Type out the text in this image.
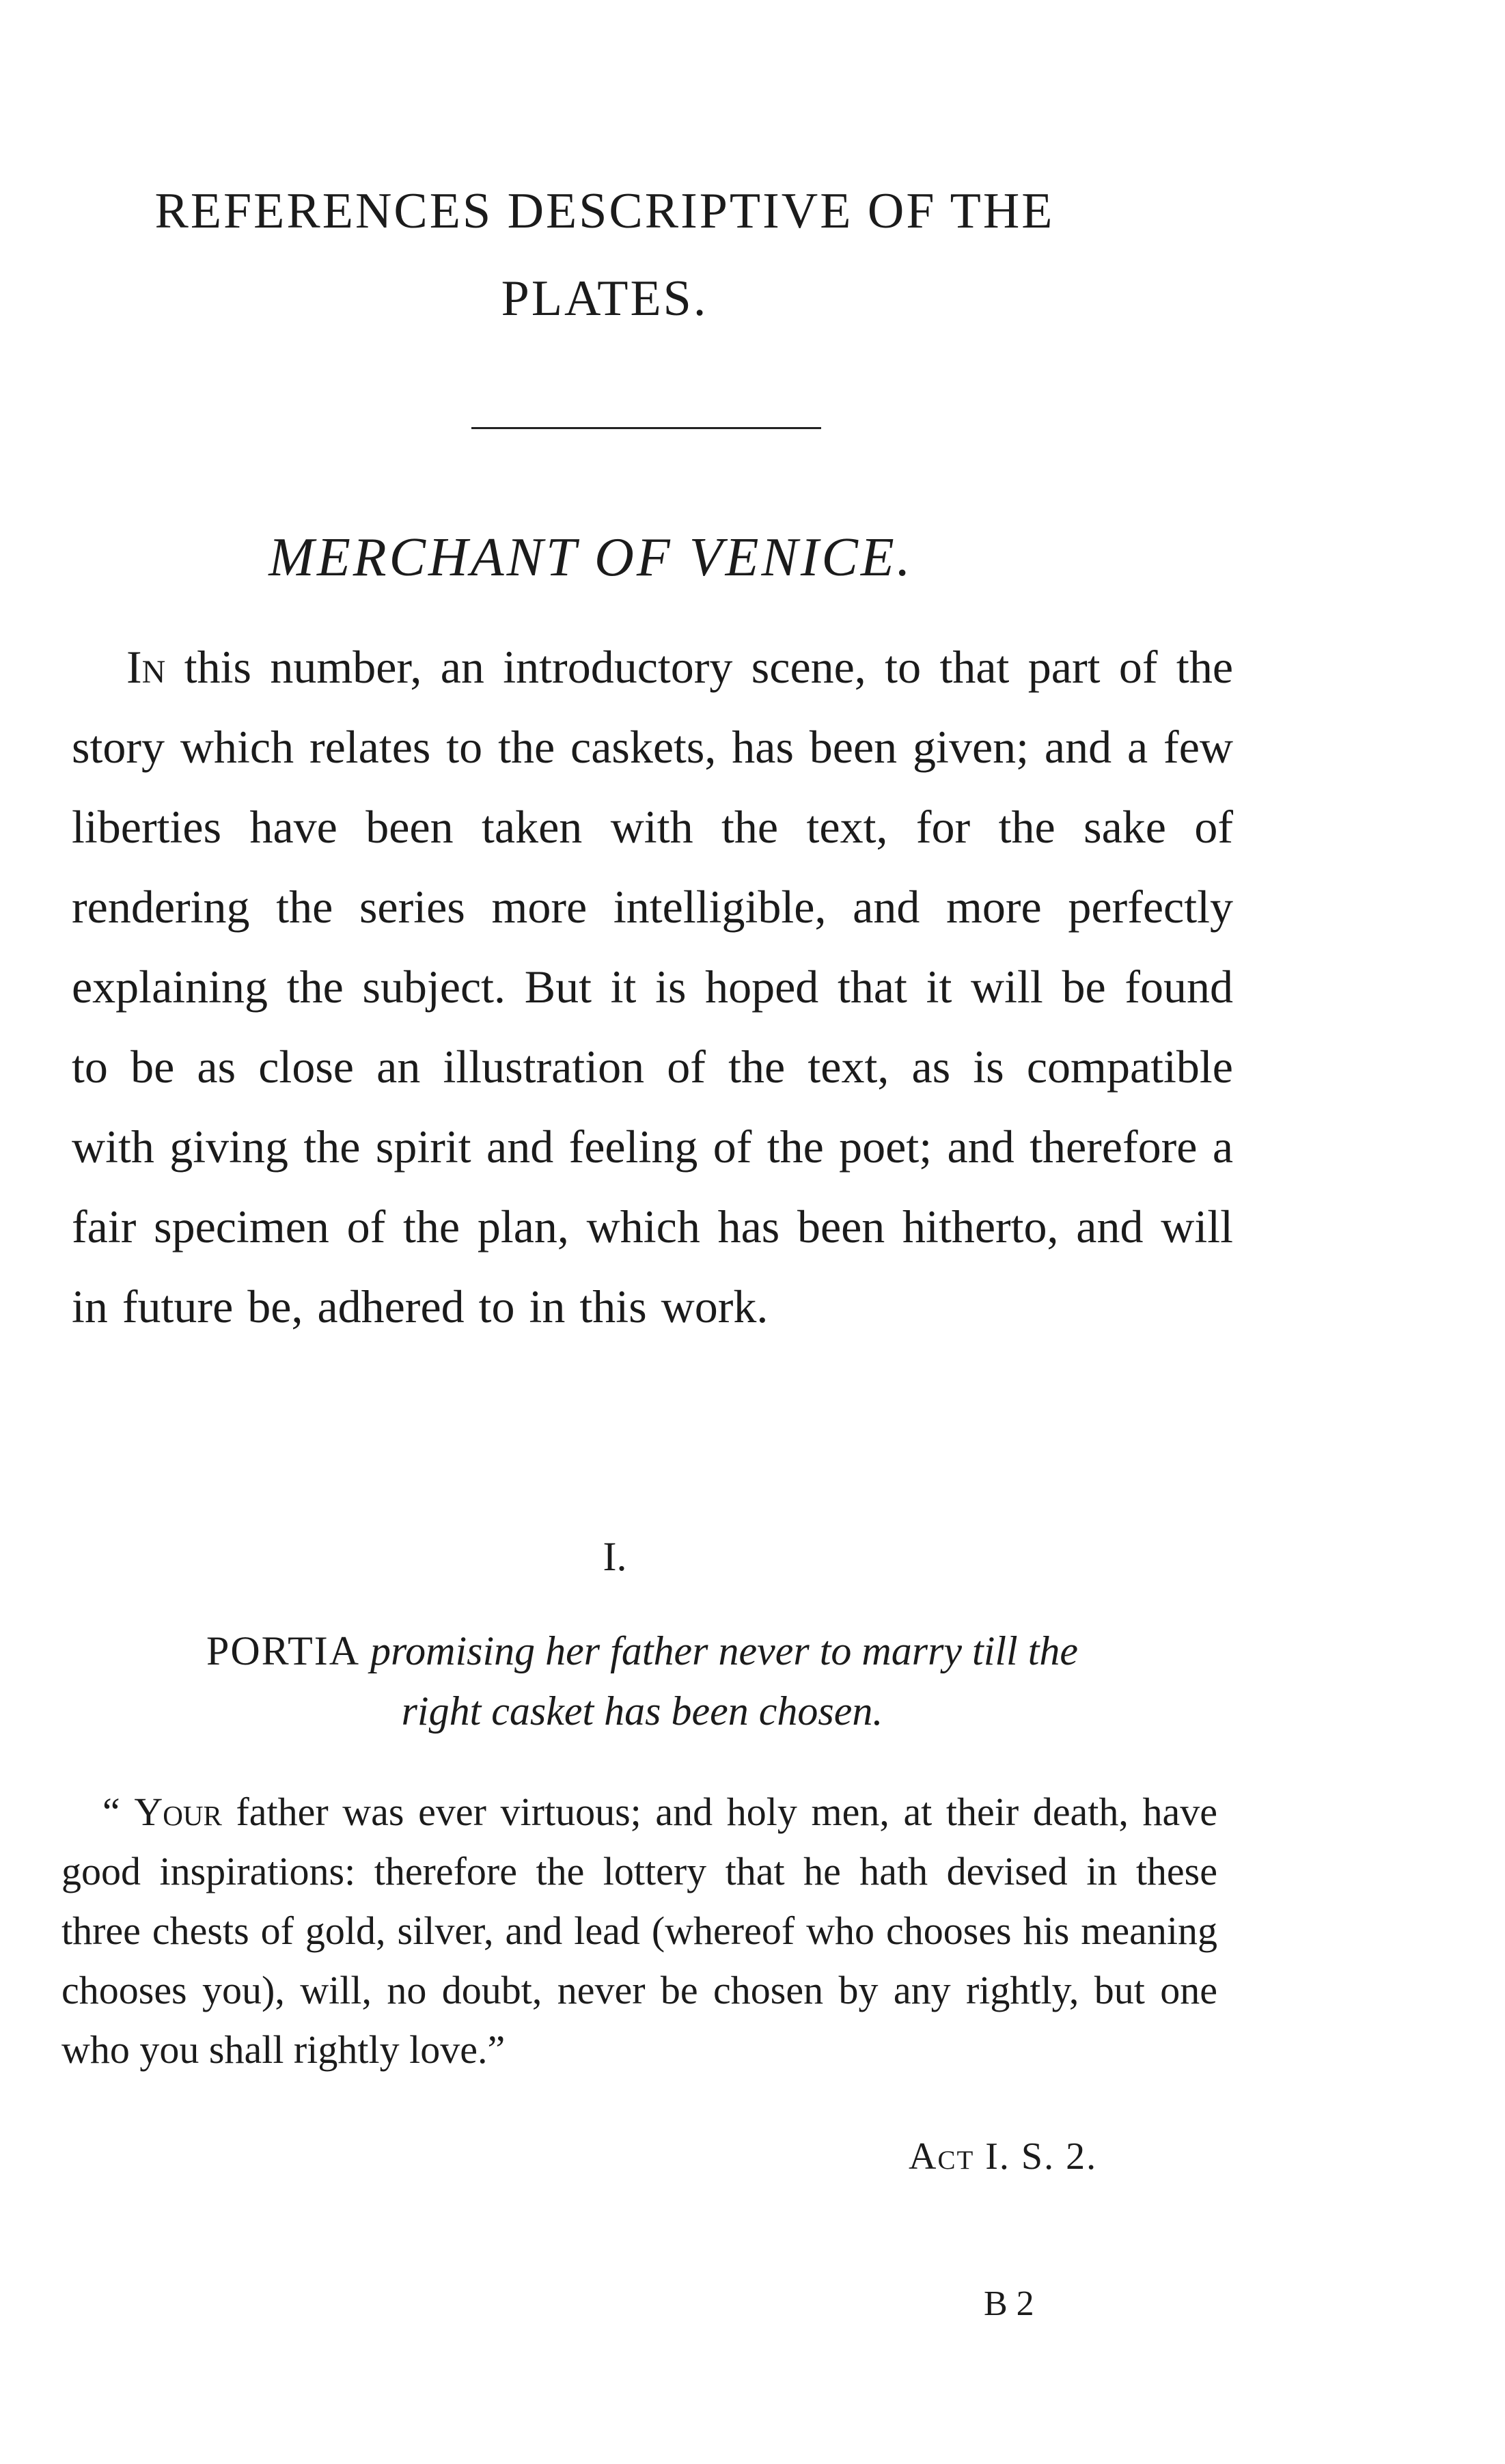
REFERENCES DESCRIPTIVE OF THE
PLATES.
MERCHANT OF VENICE.

In this number, an introductory scene, to that part of the story which relates to the caskets, has been given; and a few liberties have been taken with the text, for the sake of rendering the series more intelligible, and more perfectly explaining the subject. But it is hoped that it will be found to be as close an illustration of the text, as is compatible with giving the spirit and feeling of the poet; and therefore a fair specimen of the plan, which has been hitherto, and will in future be, adhered to in this work.

I.
PORTIA promising her father never to marry till the
right casket has been chosen.

“ Your father was ever virtuous; and holy men, at their death, have good inspirations: therefore the lottery that he hath devised in these three chests of gold, silver, and lead (whereof who chooses his meaning chooses you), will, no doubt, never be chosen by any rightly, but one who you shall rightly love.”

Act I. S. 2.
B 2
